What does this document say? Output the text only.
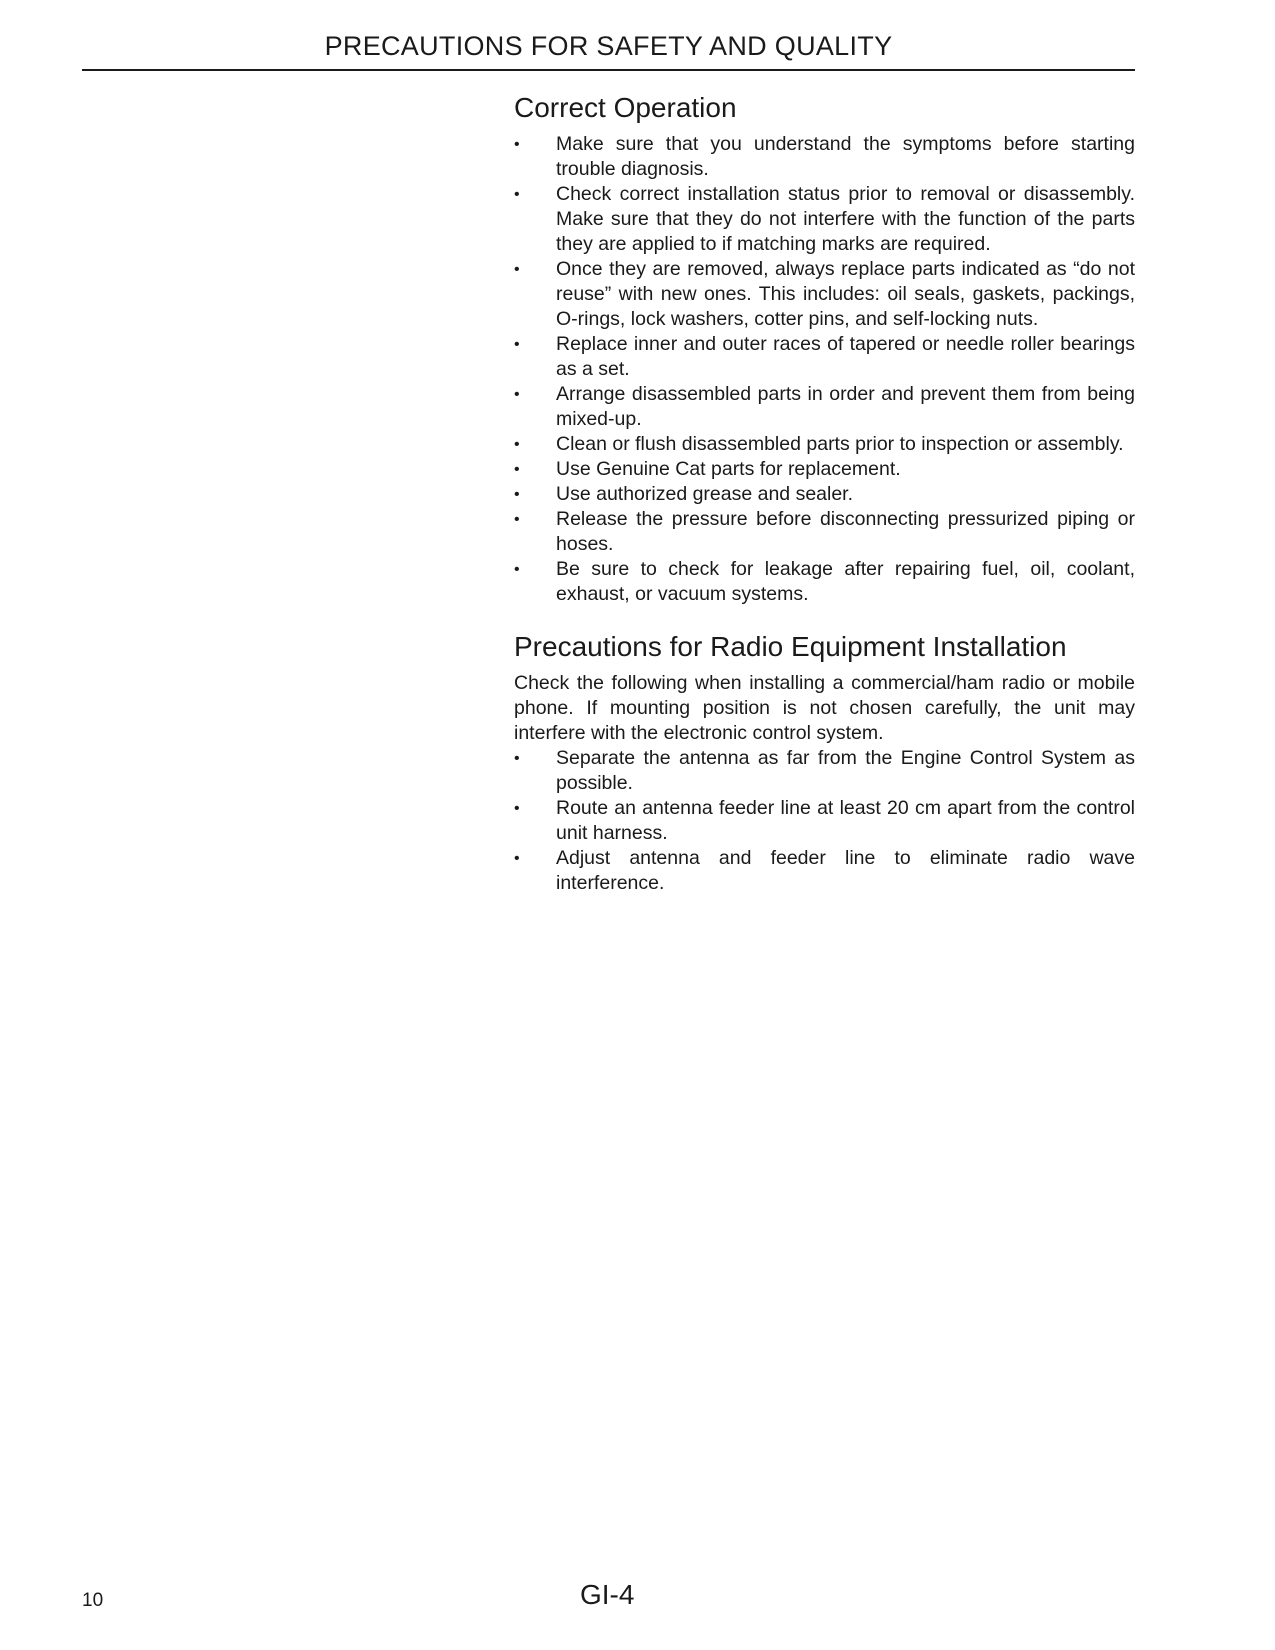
PRECAUTIONS FOR SAFETY AND QUALITY
Correct Operation
•	Make sure that you understand the symptoms before starting trouble diagnosis.
•	Check correct installation status prior to removal or disassembly. Make sure that they do not interfere with the function of the parts they are applied to if matching marks are required.
•	Once they are removed, always replace parts indicated as “do not reuse” with new ones. This includes: oil seals, gaskets, packings, O-rings, lock washers, cotter pins, and self-locking nuts.
•	Replace inner and outer races of tapered or needle roller bearings as a set.
•	Arrange disassembled parts in order and prevent them from being mixed-up.
•	Clean or flush disassembled parts prior to inspection or assembly.
•	Use Genuine Cat parts for replacement.
•	Use authorized grease and sealer.
•	Release the pressure before disconnecting pressurized piping or hoses.
•	Be sure to check for leakage after repairing fuel, oil, coolant, exhaust, or vacuum systems.
Precautions for Radio Equipment Installation

Check the following when installing a commercial/ham radio or mobile phone. If mounting position is not chosen carefully, the unit may interfere with the electronic control system.

•	Separate the antenna as far from the Engine Control System as possible.
•	Route an antenna feeder line at least 20 cm apart from the control unit harness.
•	Adjust antenna and feeder line to eliminate radio wave interference.
10	GI-4
